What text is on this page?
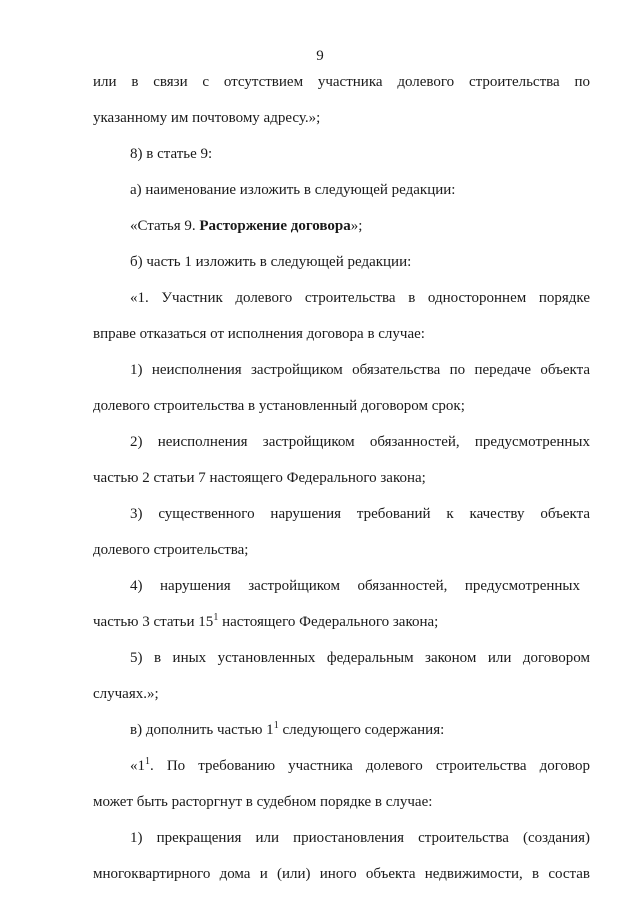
9
или в связи с отсутствием участника долевого строительства по
указанному им почтовому адресу.»;
8) в статье 9:
а) наименование изложить в следующей редакции:
«Статья 9. Расторжение договора»;
б) часть 1 изложить в следующей редакции:
«1. Участник долевого строительства в одностороннем порядке
вправе отказаться от исполнения договора в случае:
1) неисполнения застройщиком обязательства по передаче объекта
долевого строительства в установленный договором срок;
2) неисполнения застройщиком обязанностей, предусмотренных
частью 2 статьи 7 настоящего Федерального закона;
3) существенного нарушения требований к качеству объекта
долевого строительства;
4) нарушения застройщиком обязанностей, предусмотренных
частью 3 статьи $15^1$ настоящего Федерального закона;
5) в иных установленных федеральным законом или договором
случаях.»;
в) дополнить частью $1^1$ следующего содержания:
«$1^1$. По требованию участника долевого строительства договор
может быть расторгнут в судебном порядке в случае:
1) прекращения или приостановления строительства (создания)
многоквартирного дома и (или) иного объекта недвижимости, в состав
